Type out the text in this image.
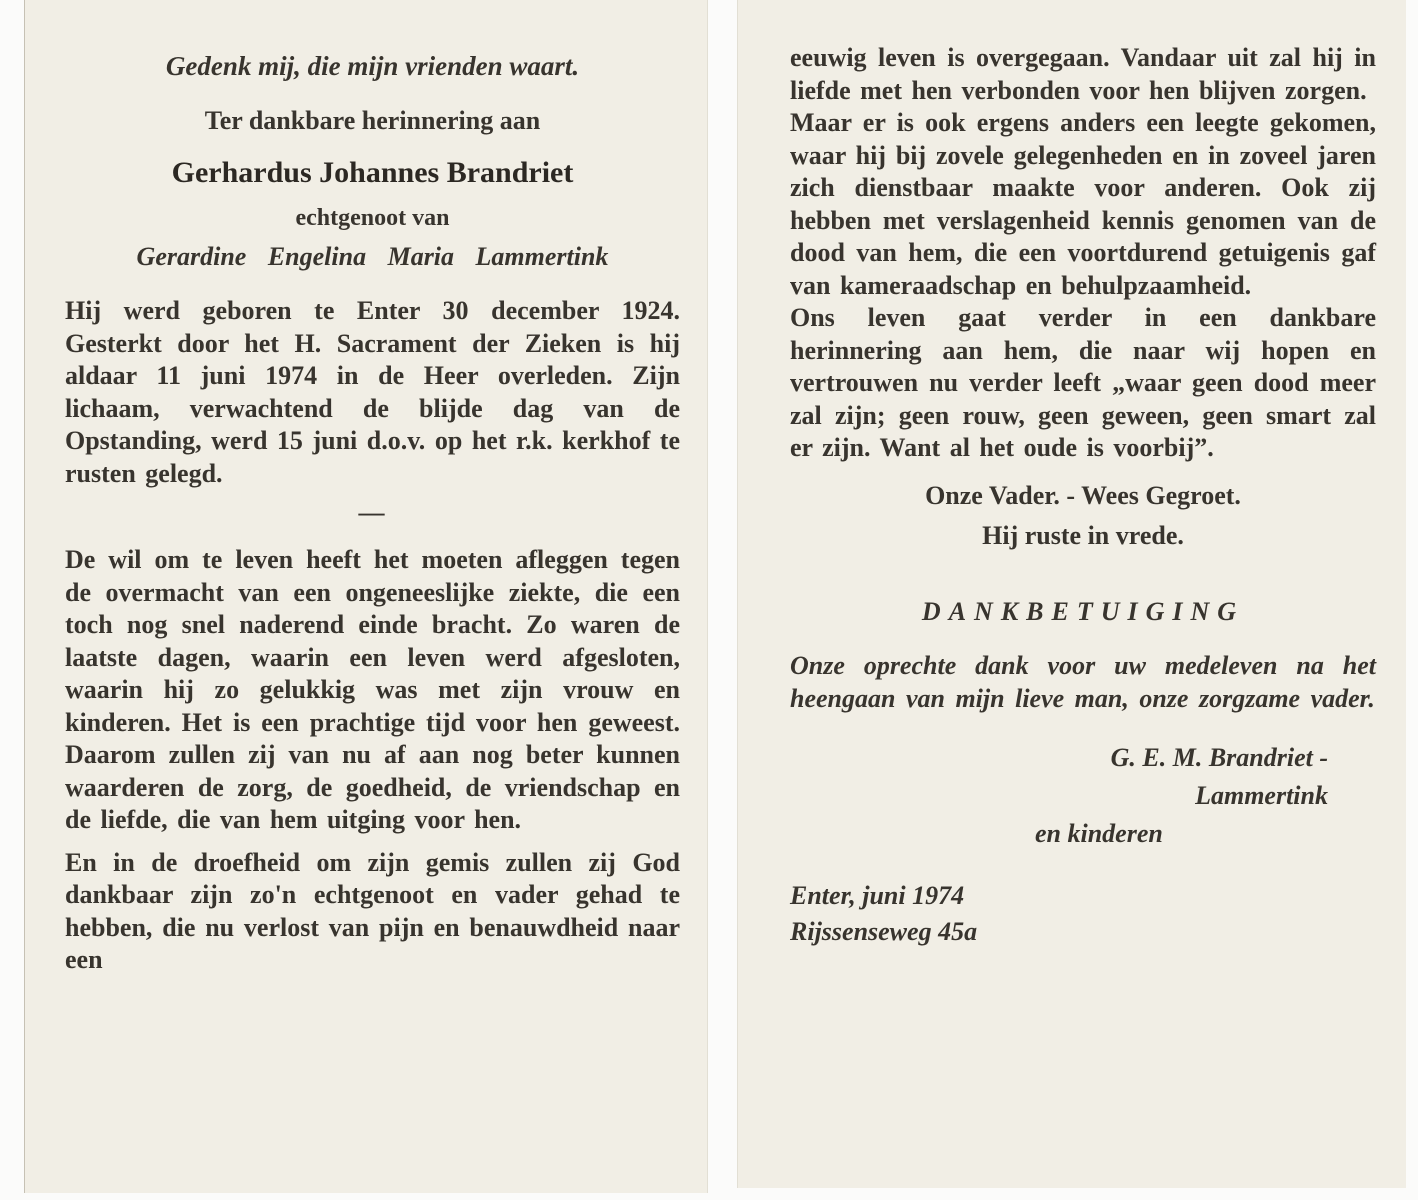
Gedenk mij, die mijn vrienden waart.

Ter dankbare herinnering aan

Gerhardus Johannes Brandriet

echtgenoot van

Gerardine Engelina Maria Lammertink

Hij werd geboren te Enter 30 december 1924. Gesterkt door het H. Sacrament der Zieken is hij aldaar 11 juni 1974 in de Heer overleden. Zijn lichaam, verwachtend de blijde dag van de Opstanding, werd 15 juni d.o.v. op het r.k. kerkhof te rusten gelegd.

—

De wil om te leven heeft het moeten afleggen tegen de overmacht van een ongeneeslijke ziekte, die een toch nog snel naderend einde bracht. Zo waren de laatste dagen, waarin een leven werd afgesloten, waarin hij zo gelukkig was met zijn vrouw en kinderen. Het is een prachtige tijd voor hen geweest. Daarom zullen zij van nu af aan nog beter kunnen waarderen de zorg, de goedheid, de vriendschap en de liefde, die van hem uitging voor hen.

En in de droefheid om zijn gemis zullen zij God dankbaar zijn zo'n echtgenoot en vader gehad te hebben, die nu verlost van pijn en benauwdheid naar een

eeuwig leven is overgegaan. Vandaar uit zal hij in liefde met hen verbonden voor hen blijven zorgen.

Maar er is ook ergens anders een leegte gekomen, waar hij bij zovele gelegenheden en in zoveel jaren zich dienstbaar maakte voor anderen. Ook zij hebben met verslagenheid kennis genomen van de dood van hem, die een voortdurend getuigenis gaf van kameraadschap en behulpzaamheid.

Ons leven gaat verder in een dankbare herinnering aan hem, die naar wij hopen en vertrouwen nu verder leeft „waar geen dood meer zal zijn; geen rouw, geen geween, geen smart zal er zijn. Want al het oude is voorbij”.

Onze Vader. - Wees Gegroet.

Hij ruste in vrede.

DANKBETUIGING

Onze oprechte dank voor uw medeleven na het heengaan van mijn lieve man, onze zorgzame vader.

G. E. M. Brandriet -

Lammertink

en kinderen

Enter, juni 1974

Rijssenseweg 45a
